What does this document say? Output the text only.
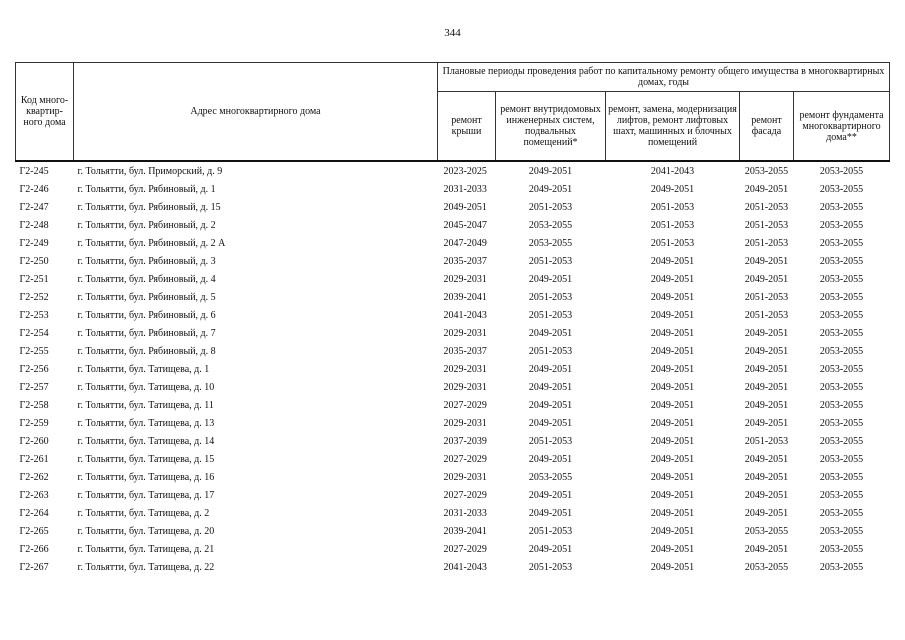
344
Код много-квартир-ного дома	Адрес многоквартирного дома	Плановые периоды проведения работ по капитальному ремонту общего имущества в многоквартирных домах, годы				
		ремонт крыши	ремонт внутридомовых инженерных систем, подвальных помещений*	ремонт, замена, модернизация лифтов, ремонт лифтовых шахт, машинных и блочных помещений	ремонт фасада	ремонт фундамента многоквартирного дома**
Г2-245	г. Тольятти, бул. Приморский, д. 9	2023-2025	2049-2051	2041-2043	2053-2055	2053-2055
Г2-246	г. Тольятти, бул. Рябиновый, д. 1	2031-2033	2049-2051	2049-2051	2049-2051	2053-2055
Г2-247	г. Тольятти, бул. Рябиновый, д. 15	2049-2051	2051-2053	2051-2053	2051-2053	2053-2055
Г2-248	г. Тольятти, бул. Рябиновый, д. 2	2045-2047	2053-2055	2051-2053	2051-2053	2053-2055
Г2-249	г. Тольятти, бул. Рябиновый, д. 2 А	2047-2049	2053-2055	2051-2053	2051-2053	2053-2055
Г2-250	г. Тольятти, бул. Рябиновый, д. 3	2035-2037	2051-2053	2049-2051	2049-2051	2053-2055
Г2-251	г. Тольятти, бул. Рябиновый, д. 4	2029-2031	2049-2051	2049-2051	2049-2051	2053-2055
Г2-252	г. Тольятти, бул. Рябиновый, д. 5	2039-2041	2051-2053	2049-2051	2051-2053	2053-2055
Г2-253	г. Тольятти, бул. Рябиновый, д. 6	2041-2043	2051-2053	2049-2051	2051-2053	2053-2055
Г2-254	г. Тольятти, бул. Рябиновый, д. 7	2029-2031	2049-2051	2049-2051	2049-2051	2053-2055
Г2-255	г. Тольятти, бул. Рябиновый, д. 8	2035-2037	2051-2053	2049-2051	2049-2051	2053-2055
Г2-256	г. Тольятти, бул. Татищева, д. 1	2029-2031	2049-2051	2049-2051	2049-2051	2053-2055
Г2-257	г. Тольятти, бул. Татищева, д. 10	2029-2031	2049-2051	2049-2051	2049-2051	2053-2055
Г2-258	г. Тольятти, бул. Татищева, д. 11	2027-2029	2049-2051	2049-2051	2049-2051	2053-2055
Г2-259	г. Тольятти, бул. Татищева, д. 13	2029-2031	2049-2051	2049-2051	2049-2051	2053-2055
Г2-260	г. Тольятти, бул. Татищева, д. 14	2037-2039	2051-2053	2049-2051	2051-2053	2053-2055
Г2-261	г. Тольятти, бул. Татищева, д. 15	2027-2029	2049-2051	2049-2051	2049-2051	2053-2055
Г2-262	г. Тольятти, бул. Татищева, д. 16	2029-2031	2053-2055	2049-2051	2049-2051	2053-2055
Г2-263	г. Тольятти, бул. Татищева, д. 17	2027-2029	2049-2051	2049-2051	2049-2051	2053-2055
Г2-264	г. Тольятти, бул. Татищева, д. 2	2031-2033	2049-2051	2049-2051	2049-2051	2053-2055
Г2-265	г. Тольятти, бул. Татищева, д. 20	2039-2041	2051-2053	2049-2051	2053-2055	2053-2055
Г2-266	г. Тольятти, бул. Татищева, д. 21	2027-2029	2049-2051	2049-2051	2049-2051	2053-2055
Г2-267	г. Тольятти, бул. Татищева, д. 22	2041-2043	2051-2053	2049-2051	2053-2055	2053-2055
